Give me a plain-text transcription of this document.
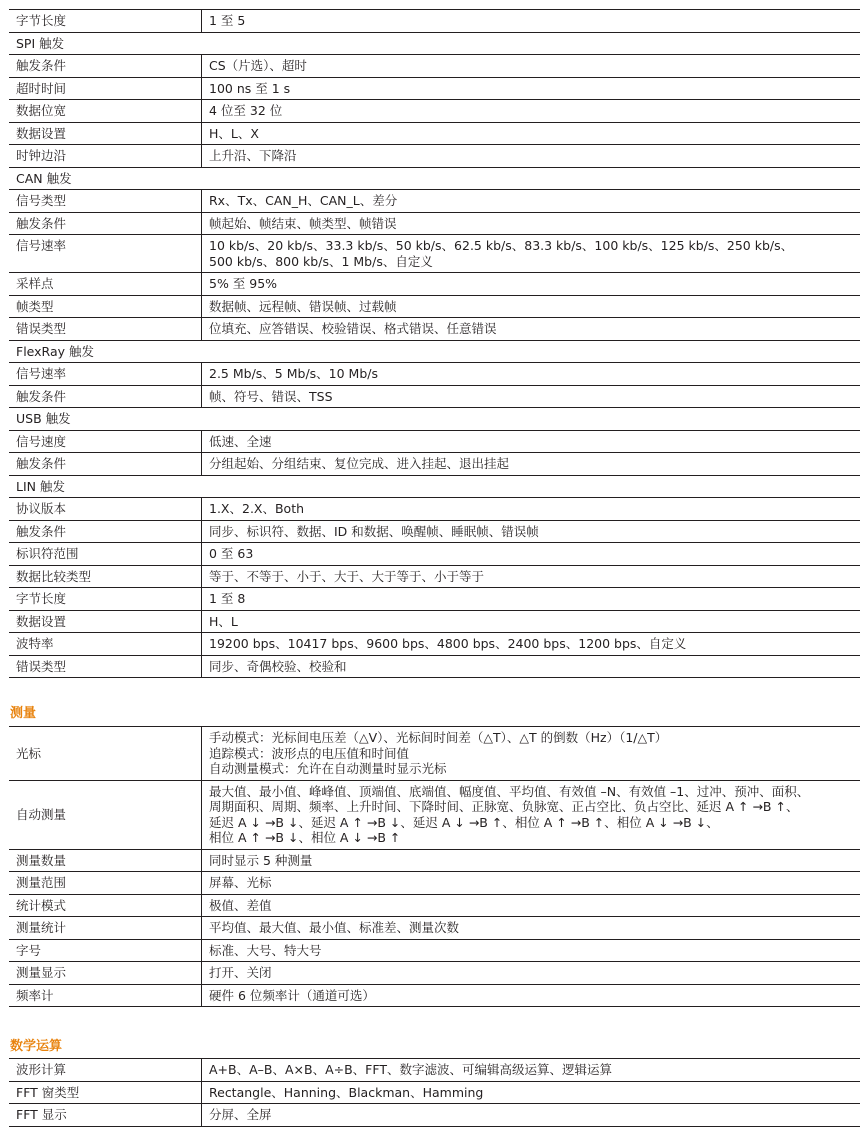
字节长度	1 至 5

SPI 触发	
触发条件	CS（片选）、超时

超时时间	100 ns 至 1 s

数据位宽	4 位至 32 位

数据设置	H、L、X

时钟边沿	上升沿、下降沿

CAN 触发	
信号类型	Rx、Tx、CAN_H、CAN_L、差分

触发条件	帧起始、帧结束、帧类型、帧错误

信号速率	10 kb/s、20 kb/s、33.3 kb/s、50 kb/s、62.5 kb/s、83.3 kb/s、100 kb/s、125 kb/s、250 kb/s、
500 kb/s、800 kb/s、1 Mb/s、自定义

采样点	5% 至 95%

帧类型	数据帧、远程帧、错误帧、过载帧

错误类型	位填充、应答错误、校验错误、格式错误、任意错误

FlexRay 触发	
信号速率	2.5 Mb/s、5 Mb/s、10 Mb/s

触发条件	帧、符号、错误、TSS

USB 触发	
信号速度	低速、全速

触发条件	分组起始、分组结束、复位完成、进入挂起、退出挂起

LIN 触发	
协议版本	1.X、2.X、Both

触发条件	同步、标识符、数据、ID 和数据、唤醒帧、睡眠帧、错误帧

标识符范围	0 至 63

数据比较类型	等于、不等于、小于、大于、大于等于、小于等于

字节长度	1 至 8

数据设置	H、L

波特率	19200 bps、10417 bps、9600 bps、4800 bps、2400 bps、1200 bps、自定义

错误类型	同步、奇偶校验、校验和
测量
光标	手动模式：光标间电压差（△V）、光标间时间差（△T）、△T 的倒数（Hz）（1/△T）
追踪模式：波形点的电压值和时间值
自动测量模式：允许在自动测量时显示光标

自动测量	最大值、最小值、峰峰值、顶端值、底端值、幅度值、平均值、有效值 –N、有效值 –1、过冲、预冲、面积、
周期面积、周期、频率、上升时间、下降时间、正脉宽、负脉宽、正占空比、负占空比、延迟 A ↑ →B ↑、
延迟 A ↓ →B ↓、延迟 A ↑ →B ↓、延迟 A ↓ →B ↑、相位 A ↑ →B ↑、相位 A ↓ →B ↓、
相位 A ↑ →B ↓、相位 A ↓ →B ↑

测量数量	同时显示 5 种测量

测量范围	屏幕、光标

统计模式	极值、差值

测量统计	平均值、最大值、最小值、标准差、测量次数

字号	标准、大号、特大号

测量显示	打开、关闭

频率计	硬件 6 位频率计（通道可选）
数学运算
波形计算	A+B、A–B、A×B、A÷B、FFT、数字滤波、可编辑高级运算、逻辑运算

FFT 窗类型	Rectangle、Hanning、Blackman、Hamming

FFT 显示	分屏、全屏
